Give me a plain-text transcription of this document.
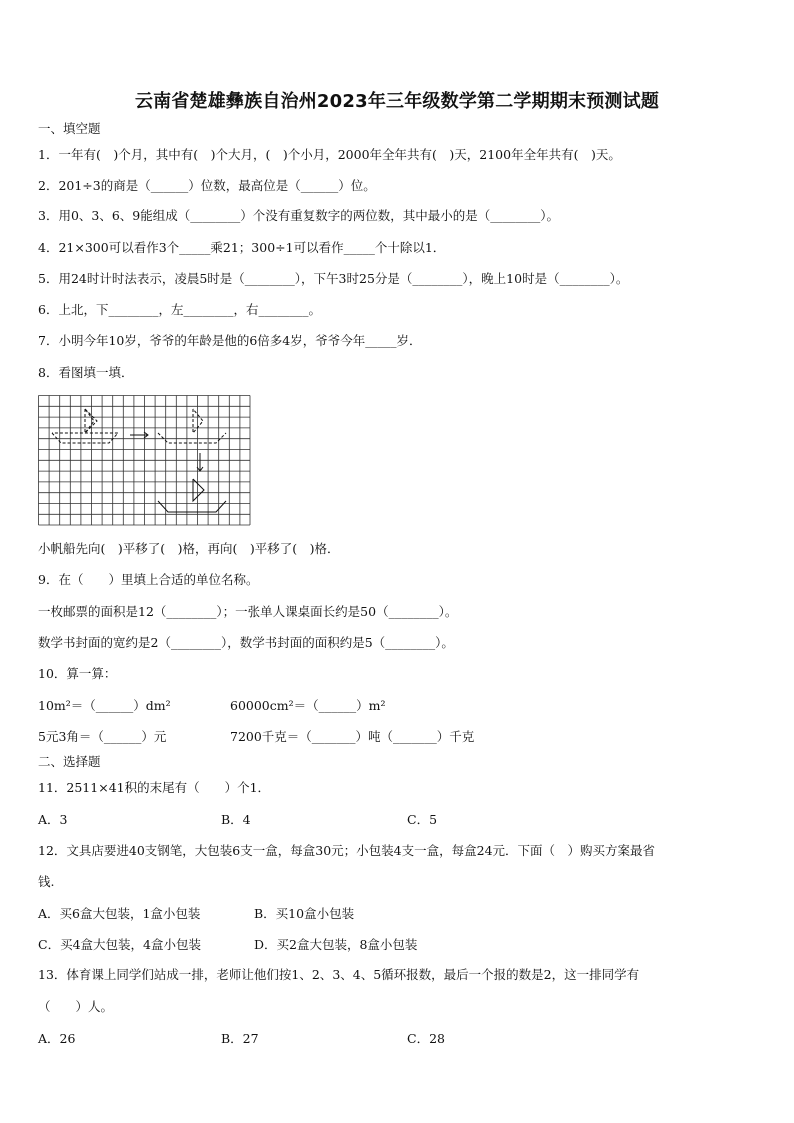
云南省楚雄彝族自治州2023年三年级数学第二学期期末预测试题
一、填空题
1．一年有(　)个月，其中有(　)个大月，(　)个小月，2000年全年共有(　)天，2100年全年共有(　)天。
2．201÷3的商是（______）位数，最高位是（______）位。
3．用0、3、6、9能组成（________）个没有重复数字的两位数，其中最小的是（________）。
4．21×300可以看作3个_____乘21；300÷1可以看作_____个十除以1．
5．用24时计时法表示，凌晨5时是（________），下午3时25分是（________），晚上10时是（________）。
6．上北，下________，左________，右________。
7．小明今年10岁，爷爷的年龄是他的6倍多4岁，爷爷今年_____岁．
8．看图填一填．
小帆船先向(　)平移了(　)格，再向(　)平移了(　)格．
9．在（　　）里填上合适的单位名称。
一枚邮票的面积是12（________）；一张单人课桌面长约是50（________）。
数学书封面的宽约是2（________），数学书封面的面积约是5（________）。
10．算一算：
10m²＝（______）dm²	60000cm²＝（______）m²
5元3角＝（______）元	7200千克＝（_______）吨（_______）千克
二、选择题
11．2511×41积的末尾有（　　）个1．
A．3	B．4	C．5
12．文具店要进40支钢笔，大包装6支一盒，每盒30元；小包装4支一盒，每盒24元．下面（　）购买方案最省
钱.
A．买6盒大包装，1盒小包装	B．买10盒小包装
C．买4盒大包装，4盒小包装	D．买2盒大包装，8盒小包装
13．体育课上同学们站成一排，老师让他们按1、2、3、4、5循环报数，最后一个报的数是2，这一排同学有
（　　）人。
A．26	B．27	C．28
